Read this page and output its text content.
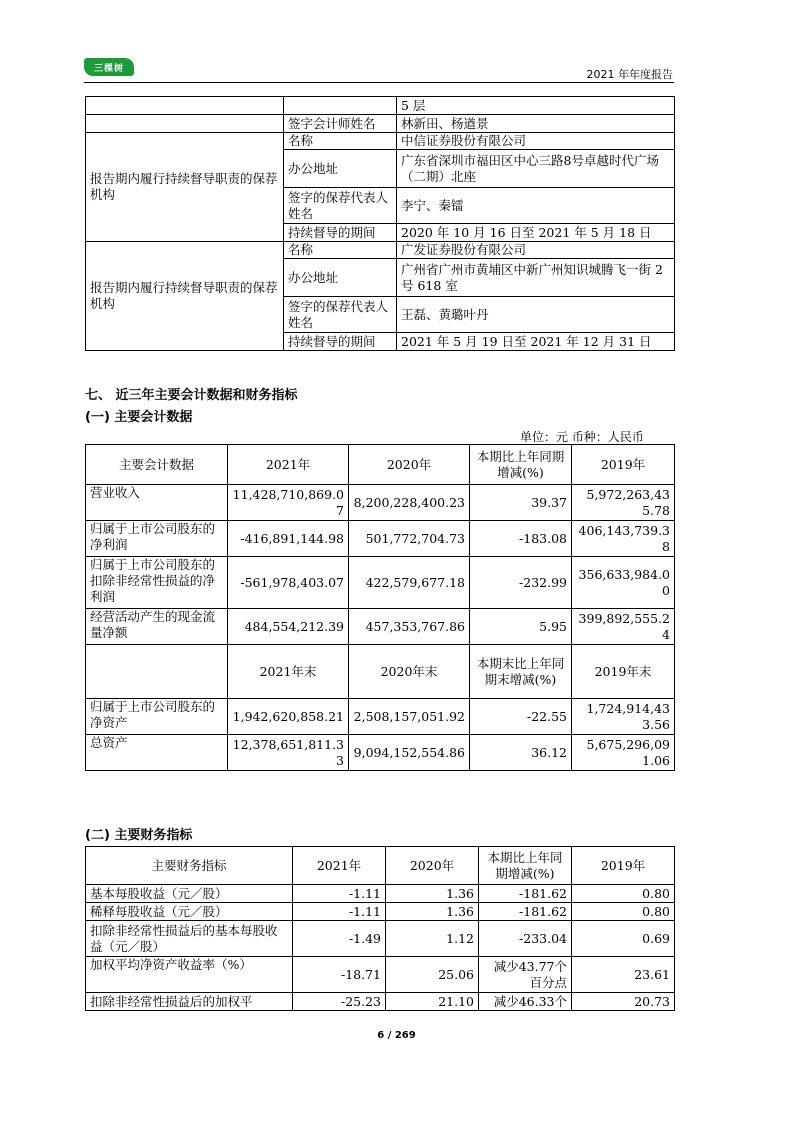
三棵树	2021 年年度报告
		5 层
	签字会计师姓名	林新田、杨遒景
报告期内履行持续督导职责的保荐机构	名称	中信证券股份有限公司
	办公地址	广东省深圳市福田区中心三路8号卓越时代广场（二期）北座
	签字的保荐代表人姓名	李宁、秦镭
	持续督导的期间	2020 年 10 月 16 日至 2021 年 5 月 18 日
报告期内履行持续督导职责的保荐机构	名称	广发证券股份有限公司
	办公地址	广州省广州市黄埔区中新广州知识城腾飞一街 2 号 618 室
	签字的保荐代表人姓名	王磊、黄璐叶丹
	持续督导的期间	2021 年 5 月 19 日至 2021 年 12 月 31 日
七、 近三年主要会计数据和财务指标
(一) 主要会计数据
单位：元 币种：人民币
主要会计数据	2021年	2020年	本期比上年同期增减(%)	2019年
营业收入	11,428,710,869.07	8,200,228,400.23	39.37	5,972,263,435.78
归属于上市公司股东的净利润	-416,891,144.98	501,772,704.73	-183.08	406,143,739.38
归属于上市公司股东的扣除非经常性损益的净利润	-561,978,403.07	422,579,677.18	-232.99	356,633,984.00
经营活动产生的现金流量净额	484,554,212.39	457,353,767.86	5.95	399,892,555.24
	2021年末	2020年末	本期末比上年同期末增减(%)	2019年末
归属于上市公司股东的净资产	1,942,620,858.21	2,508,157,051.92	-22.55	1,724,914,433.56
总资产	12,378,651,811.33	9,094,152,554.86	36.12	5,675,296,091.06
(二) 主要财务指标
主要财务指标	2021年	2020年	本期比上年同期增减(%)	2019年
基本每股收益（元／股）	-1.11	1.36	-181.62	0.80
稀释每股收益（元／股）	-1.11	1.36	-181.62	0.80
扣除非经常性损益后的基本每股收益（元／股）	-1.49	1.12	-233.04	0.69
加权平均净资产收益率（%）	-18.71	25.06	减少43.77个百分点	23.61
扣除非经常性损益后的加权平	-25.23	21.10	减少46.33个	20.73
6 / 269
